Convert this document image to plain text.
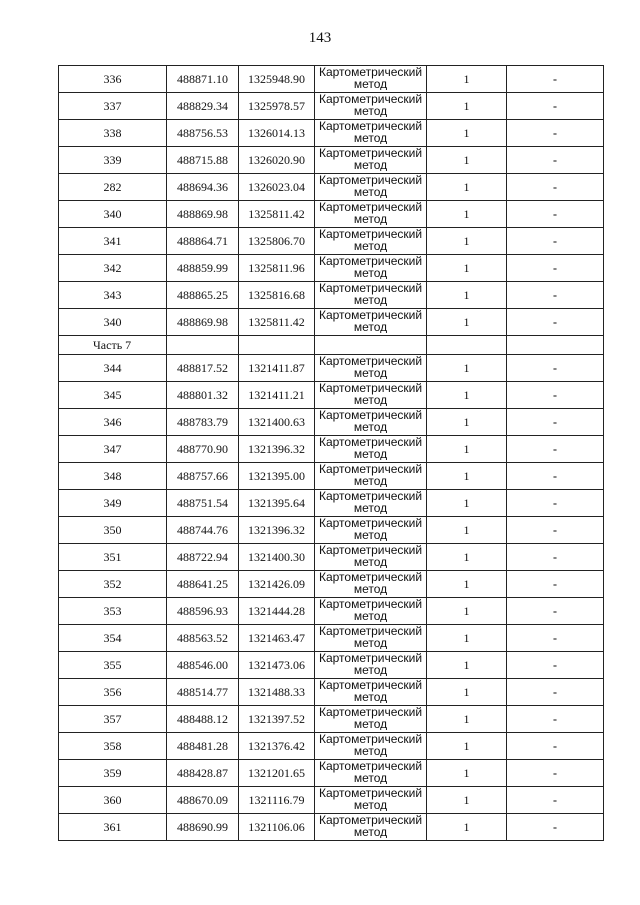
143
336	488871.10	1325948.90	Картометрический метод	1	-
337	488829.34	1325978.57	Картометрический метод	1	-
338	488756.53	1326014.13	Картометрический метод	1	-
339	488715.88	1326020.90	Картометрический метод	1	-
282	488694.36	1326023.04	Картометрический метод	1	-
340	488869.98	1325811.42	Картометрический метод	1	-
341	488864.71	1325806.70	Картометрический метод	1	-
342	488859.99	1325811.96	Картометрический метод	1	-
343	488865.25	1325816.68	Картометрический метод	1	-
340	488869.98	1325811.42	Картометрический метод	1	-
Часть 7					
344	488817.52	1321411.87	Картометрический метод	1	-
345	488801.32	1321411.21	Картометрический метод	1	-
346	488783.79	1321400.63	Картометрический метод	1	-
347	488770.90	1321396.32	Картометрический метод	1	-
348	488757.66	1321395.00	Картометрический метод	1	-
349	488751.54	1321395.64	Картометрический метод	1	-
350	488744.76	1321396.32	Картометрический метод	1	-
351	488722.94	1321400.30	Картометрический метод	1	-
352	488641.25	1321426.09	Картометрический метод	1	-
353	488596.93	1321444.28	Картометрический метод	1	-
354	488563.52	1321463.47	Картометрический метод	1	-
355	488546.00	1321473.06	Картометрический метод	1	-
356	488514.77	1321488.33	Картометрический метод	1	-
357	488488.12	1321397.52	Картометрический метод	1	-
358	488481.28	1321376.42	Картометрический метод	1	-
359	488428.87	1321201.65	Картометрический метод	1	-
360	488670.09	1321116.79	Картометрический метод	1	-
361	488690.99	1321106.06	Картометрический метод	1	-
